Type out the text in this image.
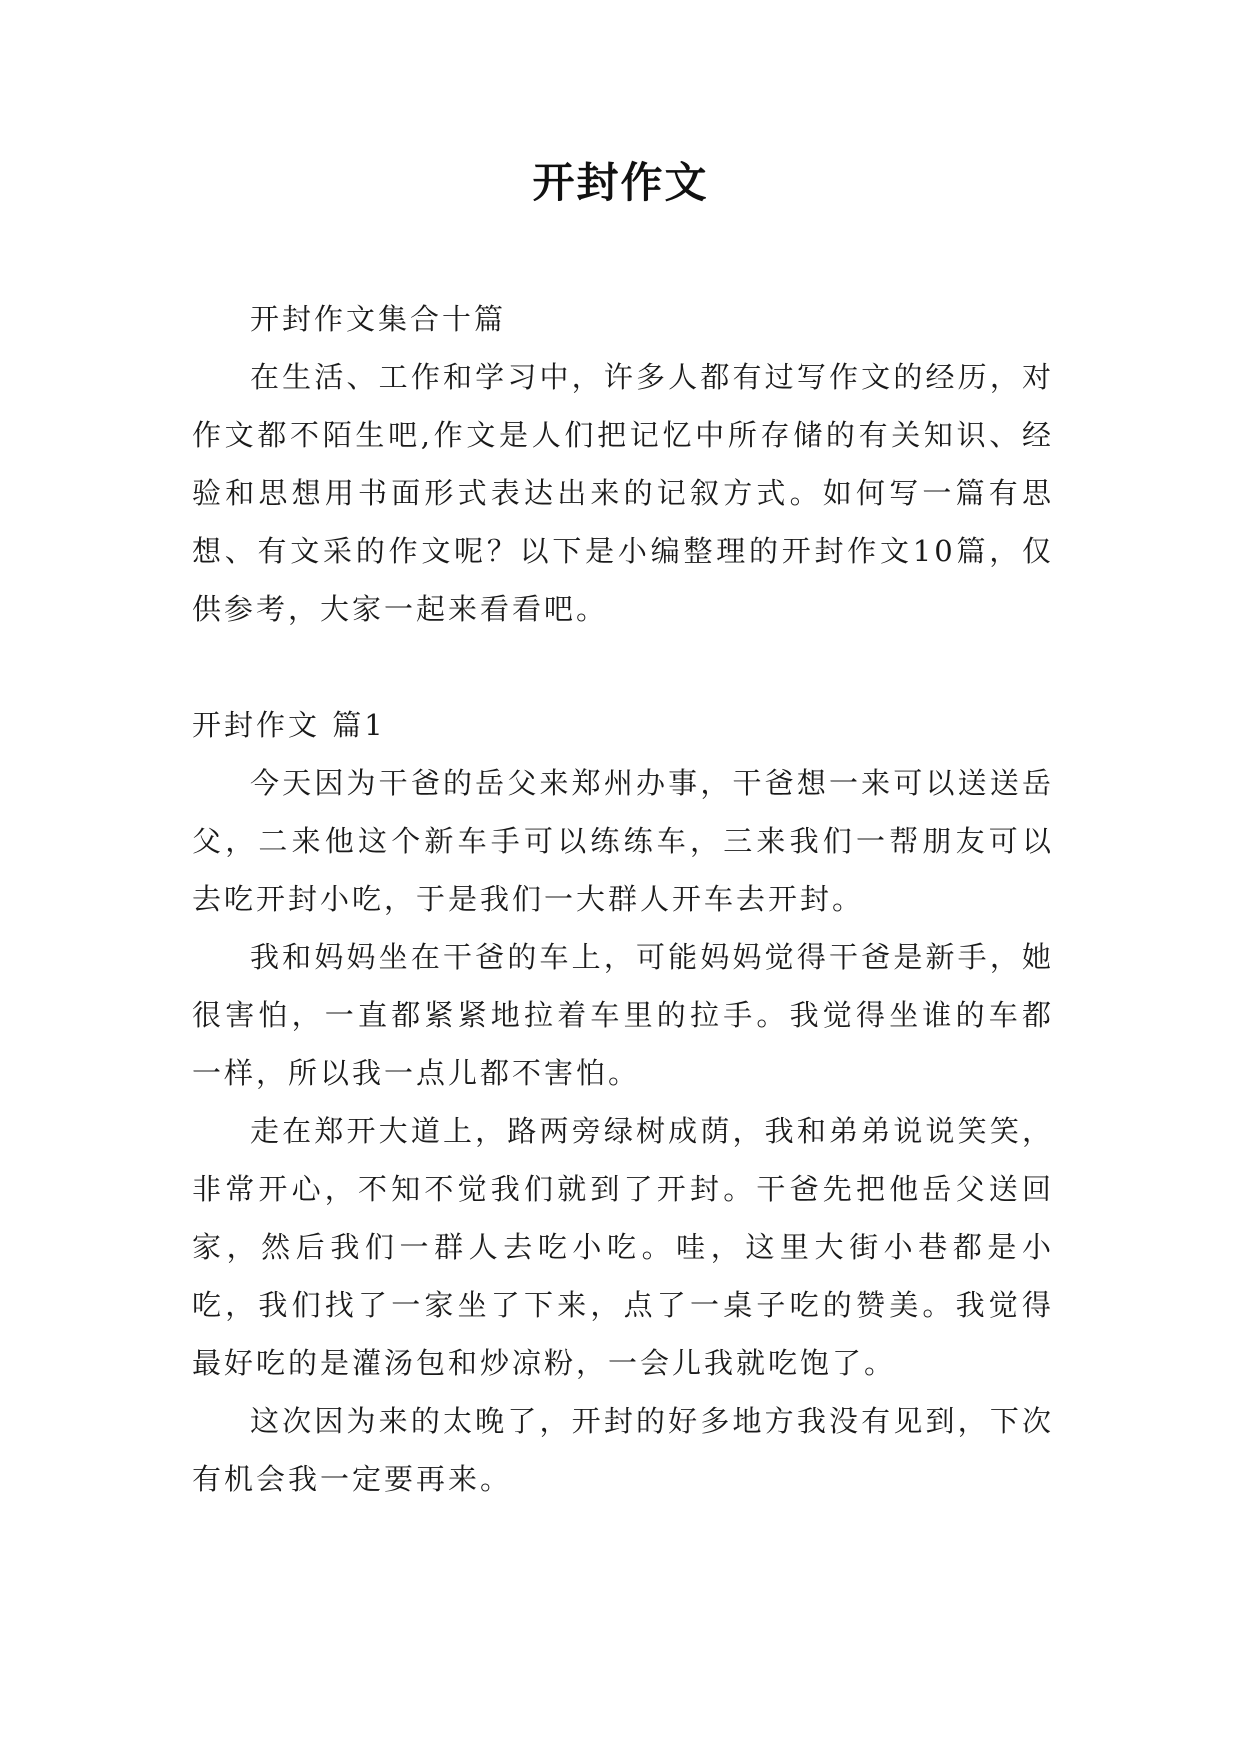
开封作文

开封作文集合十篇

在生活、工作和学习中，许多人都有过写作文的经历，对作文都不陌生吧,作文是人们把记忆中所存储的有关知识、经验和思想用书面形式表达出来的记叙方式。如何写一篇有思想、有文采的作文呢？以下是小编整理的开封作文10篇，仅供参考，大家一起来看看吧。

开封作文 篇1

今天因为干爸的岳父来郑州办事，干爸想一来可以送送岳父，二来他这个新车手可以练练车，三来我们一帮朋友可以去吃开封小吃，于是我们一大群人开车去开封。

我和妈妈坐在干爸的车上，可能妈妈觉得干爸是新手，她很害怕，一直都紧紧地拉着车里的拉手。我觉得坐谁的车都一样，所以我一点儿都不害怕。

走在郑开大道上，路两旁绿树成荫，我和弟弟说说笑笑，非常开心，不知不觉我们就到了开封。干爸先把他岳父送回家，然后我们一群人去吃小吃。哇，这里大街小巷都是小吃，我们找了一家坐了下来，点了一桌子吃的赞美。我觉得最好吃的是灌汤包和炒凉粉，一会儿我就吃饱了。

这次因为来的太晚了，开封的好多地方我没有见到，下次有机会我一定要再来。
